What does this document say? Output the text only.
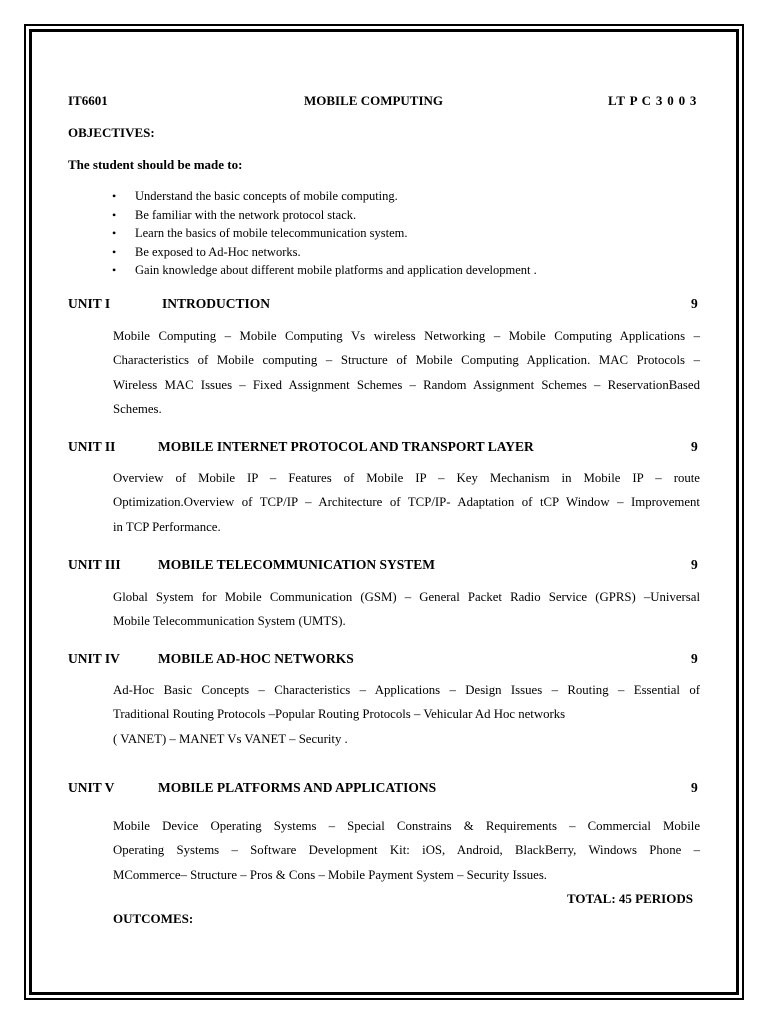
IT6601	MOBILE COMPUTING	LT P C 3 0 0 3
OBJECTIVES:
The student should be made to:
• Understand the basic concepts of mobile computing.
• Be familiar with the network protocol stack.
• Learn the basics of mobile telecommunication system.
• Be exposed to Ad-Hoc networks.
• Gain knowledge about different mobile platforms and application development .
UNIT I	INTRODUCTION	9
Mobile Computing – Mobile Computing Vs wireless Networking – Mobile Computing Applications –
Characteristics of Mobile computing – Structure of Mobile Computing Application. MAC Protocols –
Wireless MAC Issues – Fixed Assignment Schemes – Random Assignment Schemes – ReservationBased
Schemes.
UNIT II	MOBILE INTERNET PROTOCOL AND TRANSPORT LAYER	9
Overview of Mobile IP – Features of Mobile IP – Key Mechanism in Mobile IP – route
Optimization.Overview of TCP/IP – Architecture of TCP/IP- Adaptation of tCP Window – Improvement
in TCP Performance.
UNIT III	MOBILE TELECOMMUNICATION SYSTEM	9
Global System for Mobile Communication (GSM) – General Packet Radio Service (GPRS) –Universal
Mobile Telecommunication System (UMTS).
UNIT IV	MOBILE AD-HOC NETWORKS	9
Ad-Hoc Basic Concepts – Characteristics – Applications – Design Issues – Routing – Essential of
Traditional Routing Protocols –Popular Routing Protocols – Vehicular Ad Hoc networks
( VANET) – MANET Vs VANET – Security .
UNIT V	MOBILE PLATFORMS AND APPLICATIONS	9
Mobile Device Operating Systems – Special Constrains & Requirements – Commercial Mobile
Operating Systems – Software Development Kit: iOS, Android, BlackBerry, Windows Phone –
MCommerce– Structure – Pros & Cons – Mobile Payment System – Security Issues.
TOTAL: 45 PERIODS
OUTCOMES:
